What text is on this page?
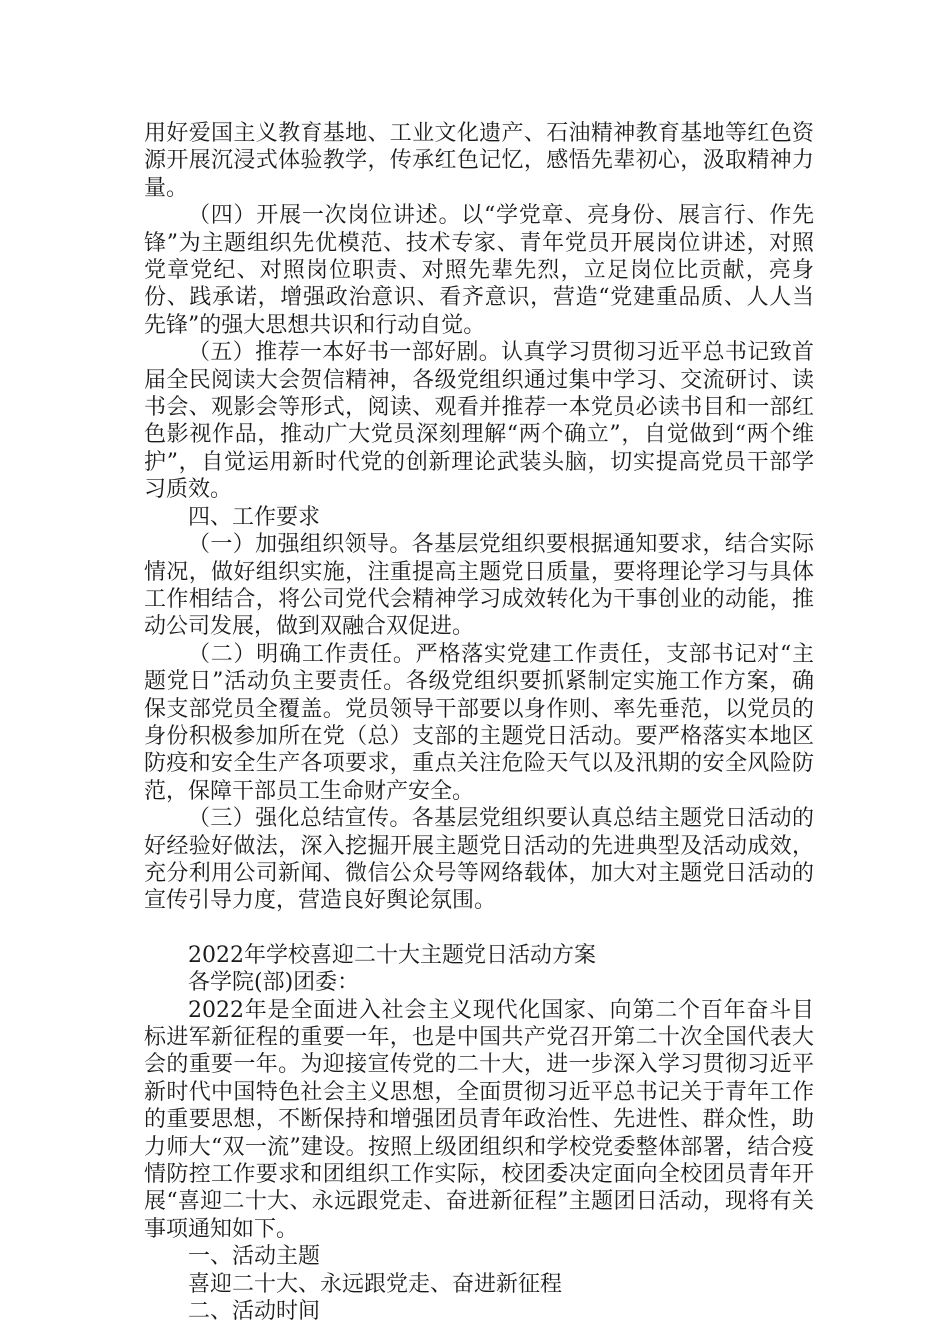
用好爱国主义教育基地、工业文化遗产、石油精神教育基地等红色资源开展沉浸式体验教学，传承红色记忆，感悟先辈初心，汲取精神力量。

（四）开展一次岗位讲述。以“学党章、亮身份、展言行、作先锋”为主题组织先优模范、技术专家、青年党员开展岗位讲述，对照党章党纪、对照岗位职责、对照先辈先烈，立足岗位比贡献，亮身份、践承诺，增强政治意识、看齐意识，营造“党建重品质、人人当先锋”的强大思想共识和行动自觉。

（五）推荐一本好书一部好剧。认真学习贯彻习近平总书记致首届全民阅读大会贺信精神，各级党组织通过集中学习、交流研讨、读书会、观影会等形式，阅读、观看并推荐一本党员必读书目和一部红色影视作品，推动广大党员深刻理解“两个确立”，自觉做到“两个维护”，自觉运用新时代党的创新理论武装头脑，切实提高党员干部学习质效。

四、工作要求

（一）加强组织领导。各基层党组织要根据通知要求，结合实际情况，做好组织实施，注重提高主题党日质量，要将理论学习与具体工作相结合，将公司党代会精神学习成效转化为干事创业的动能，推动公司发展，做到双融合双促进。

（二）明确工作责任。严格落实党建工作责任，支部书记对“主题党日”活动负主要责任。各级党组织要抓紧制定实施工作方案，确保支部党员全覆盖。党员领导干部要以身作则、率先垂范，以党员的身份积极参加所在党（总）支部的主题党日活动。要严格落实本地区防疫和安全生产各项要求，重点关注危险天气以及汛期的安全风险防范，保障干部员工生命财产安全。

（三）强化总结宣传。各基层党组织要认真总结主题党日活动的好经验好做法，深入挖掘开展主题党日活动的先进典型及活动成效，充分利用公司新闻、微信公众号等网络载体，加大对主题党日活动的宣传引导力度，营造良好舆论氛围。

2022年学校喜迎二十大主题党日活动方案

各学院(部)团委：

2022年是全面进入社会主义现代化国家、向第二个百年奋斗目标进军新征程的重要一年，也是中国共产党召开第二十次全国代表大会的重要一年。为迎接宣传党的二十大，进一步深入学习贯彻习近平新时代中国特色社会主义思想，全面贯彻习近平总书记关于青年工作的重要思想，不断保持和增强团员青年政治性、先进性、群众性，助力师大“双一流”建设。按照上级团组织和学校党委整体部署，结合疫情防控工作要求和团组织工作实际，校团委决定面向全校团员青年开展“喜迎二十大、永远跟党走、奋进新征程”主题团日活动，现将有关事项通知如下。

一、活动主题

喜迎二十大、永远跟党走、奋进新征程

二、活动时间
